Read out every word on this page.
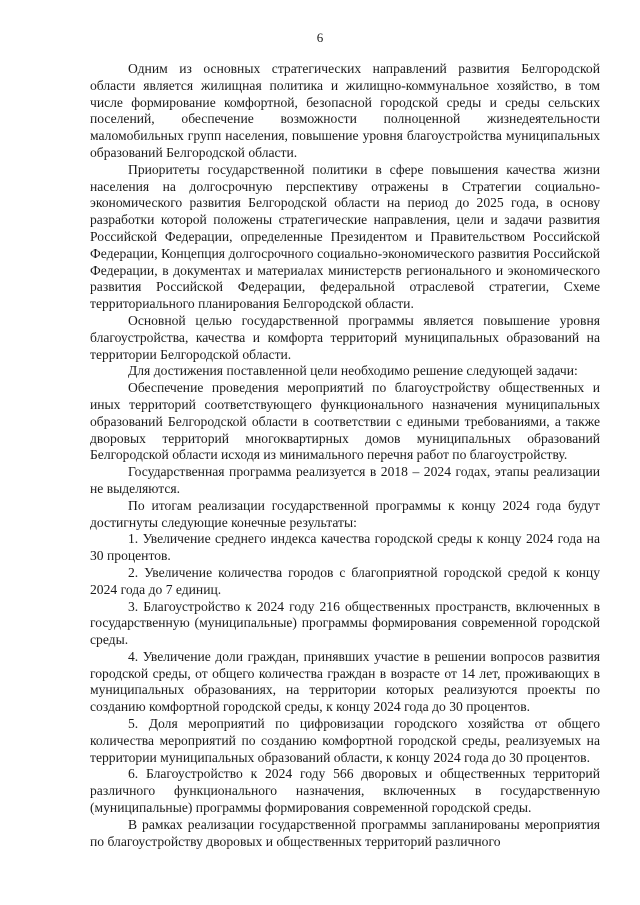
6

Одним из основных стратегических направлений развития Белгородской области является жилищная политика и жилищно-коммунальное хозяйство, в том числе формирование комфортной, безопасной городской среды и среды сельских поселений, обеспечение возможности полноценной жизнедеятельности маломобильных групп населения, повышение уровня благоустройства муниципальных образований Белгородской области.

Приоритеты государственной политики в сфере повышения качества жизни населения на долгосрочную перспективу отражены в Стратегии социально-экономического развития Белгородской области на период до 2025 года, в основу разработки которой положены стратегические направления, цели и задачи развития Российской Федерации, определенные Президентом и Правительством Российской Федерации, Концепция долгосрочного социально-экономического развития Российской Федерации, в документах и материалах министерств регионального и экономического развития Российской Федерации, федеральной отраслевой стратегии, Схеме территориального планирования Белгородской области.

Основной целью государственной программы является повышение уровня благоустройства, качества и комфорта территорий муниципальных образований на территории Белгородской области.

Для достижения поставленной цели необходимо решение следующей задачи:

Обеспечение проведения мероприятий по благоустройству общественных и иных территорий соответствующего функционального назначения муниципальных образований Белгородской области в соответствии с едиными требованиями, а также дворовых территорий многоквартирных домов муниципальных образований Белгородской области исходя из минимального перечня работ по благоустройству.

Государственная программа реализуется в 2018 – 2024 годах, этапы реализации не выделяются.

По итогам реализации государственной программы к концу 2024 года будут достигнуты следующие конечные результаты:

1. Увеличение среднего индекса качества городской среды к концу 2024 года на 30 процентов.

2. Увеличение количества городов с благоприятной городской средой к концу 2024 года до 7 единиц.

3. Благоустройство к 2024 году 216 общественных пространств, включенных в государственную (муниципальные) программы формирования современной городской среды.

4. Увеличение доли граждан, принявших участие в решении вопросов развития городской среды, от общего количества граждан в возрасте от 14 лет, проживающих в муниципальных образованиях, на территории которых реализуются проекты по созданию комфортной городской среды, к концу 2024 года до 30 процентов.

5. Доля мероприятий по цифровизации городского хозяйства от общего количества мероприятий по созданию комфортной городской среды, реализуемых на территории муниципальных образований области, к концу 2024 года до 30 процентов.

6. Благоустройство к 2024 году 566 дворовых и общественных территорий различного функционального назначения, включенных в государственную (муниципальные) программы формирования современной городской среды.

В рамках реализации государственной программы запланированы мероприятия по благоустройству дворовых и общественных территорий различного
